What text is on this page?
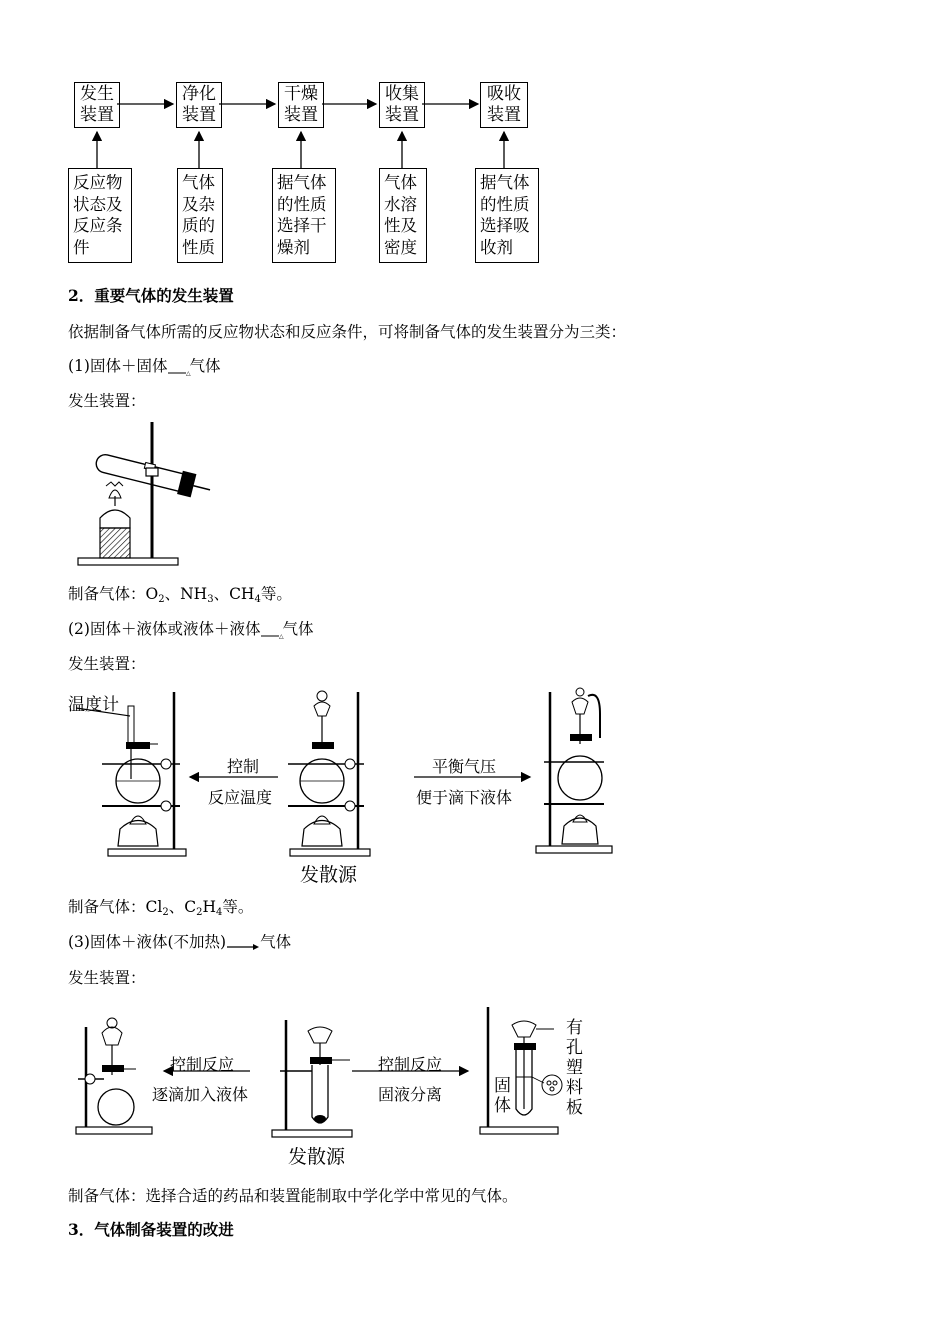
发生
装置
净化
装置
干燥
装置
收集
装置
吸收
装置
反应物
状态及
反应条
件
气体
及杂
质的
性质
据气体
的性质
选择干
燥剂
气体
水溶
性及
密度
据气体
的性质
选择吸
收剂
2．重要气体的发生装置
依据制备气体所需的反应物状态和反应条件，可将制备气体的发生装置分为三类：
(1)固体＋固体	△
气体
发生装置：
制备气体：$O_2$、$NH_3$、$CH_4$等。
(2)固体＋液体或液体＋液体	△
气体
发生装置：
温度计
控制
反应温度
平衡气压
便于滴下液体
发散源
制备气体：$Cl_2$、$C_2H_4$等。
(3)固体＋液体(不加热) 气体
发生装置：
控制反应
逐滴加入液体
控制反应
固液分离	固
体
有
孔
塑
料
板
发散源
制备气体：选择合适的药品和装置能制取中学化学中常见的气体。
3．气体制备装置的改进
